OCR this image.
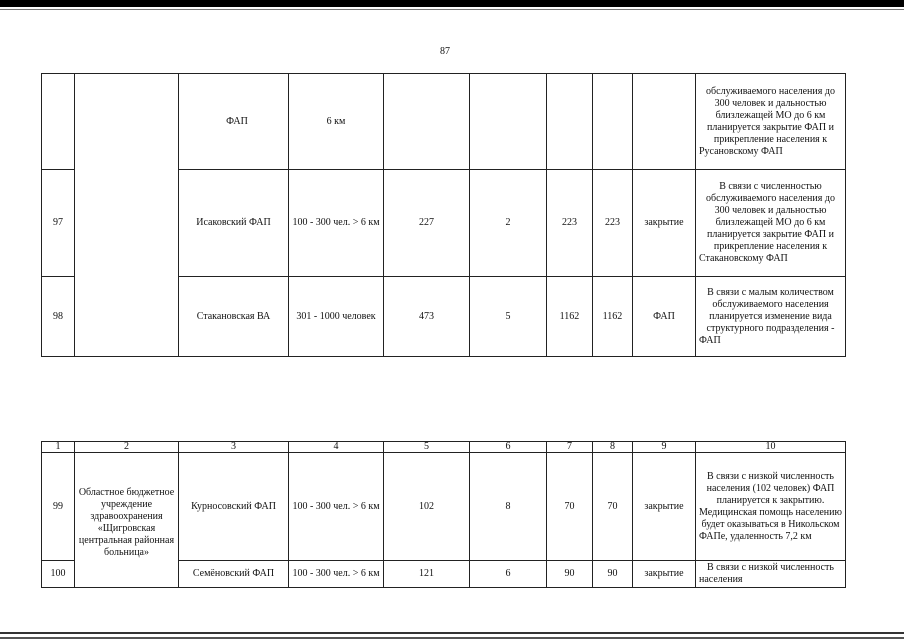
87
		ФАП	6 км						обслуживаемого населения до 300 человек и дальностью близлежащей МО до 6 км планируется закрытие ФАП и прикрепление населения к Русановскому ФАП
97		Исаковский ФАП	100 - 300 чел. > 6 км	227	2	223	223	закрытие	В связи с численностью обслуживаемого населения до 300 человек и дальностью близлежащей МО до 6 км планируется закрытие ФАП и прикрепление населения к Стакановскому ФАП
98		Стакановская ВА	301 - 1000 человек	473	5	1162	1162	ФАП	В связи с малым количеством обслуживаемого населения планируется изменение вида структурного подразделения - ФАП
1	2	3	4	5	6	7	8	9	10
99	Областное бюджетное учреждение здравоохранения «Щигровская центральная районная больница»	Курносовский ФАП	100 - 300 чел. > 6 км	102	8	70	70	закрытие	В связи с низкой численность населения (102 человек) ФАП планируется к закрытию. Медицинская помощь населению будет оказываться в Никольском ФАПе, удаленность 7,2 км
100		Семёновский ФАП	100 - 300 чел. > 6 км	121	6	90	90	закрытие	В связи с низкой численность населения
